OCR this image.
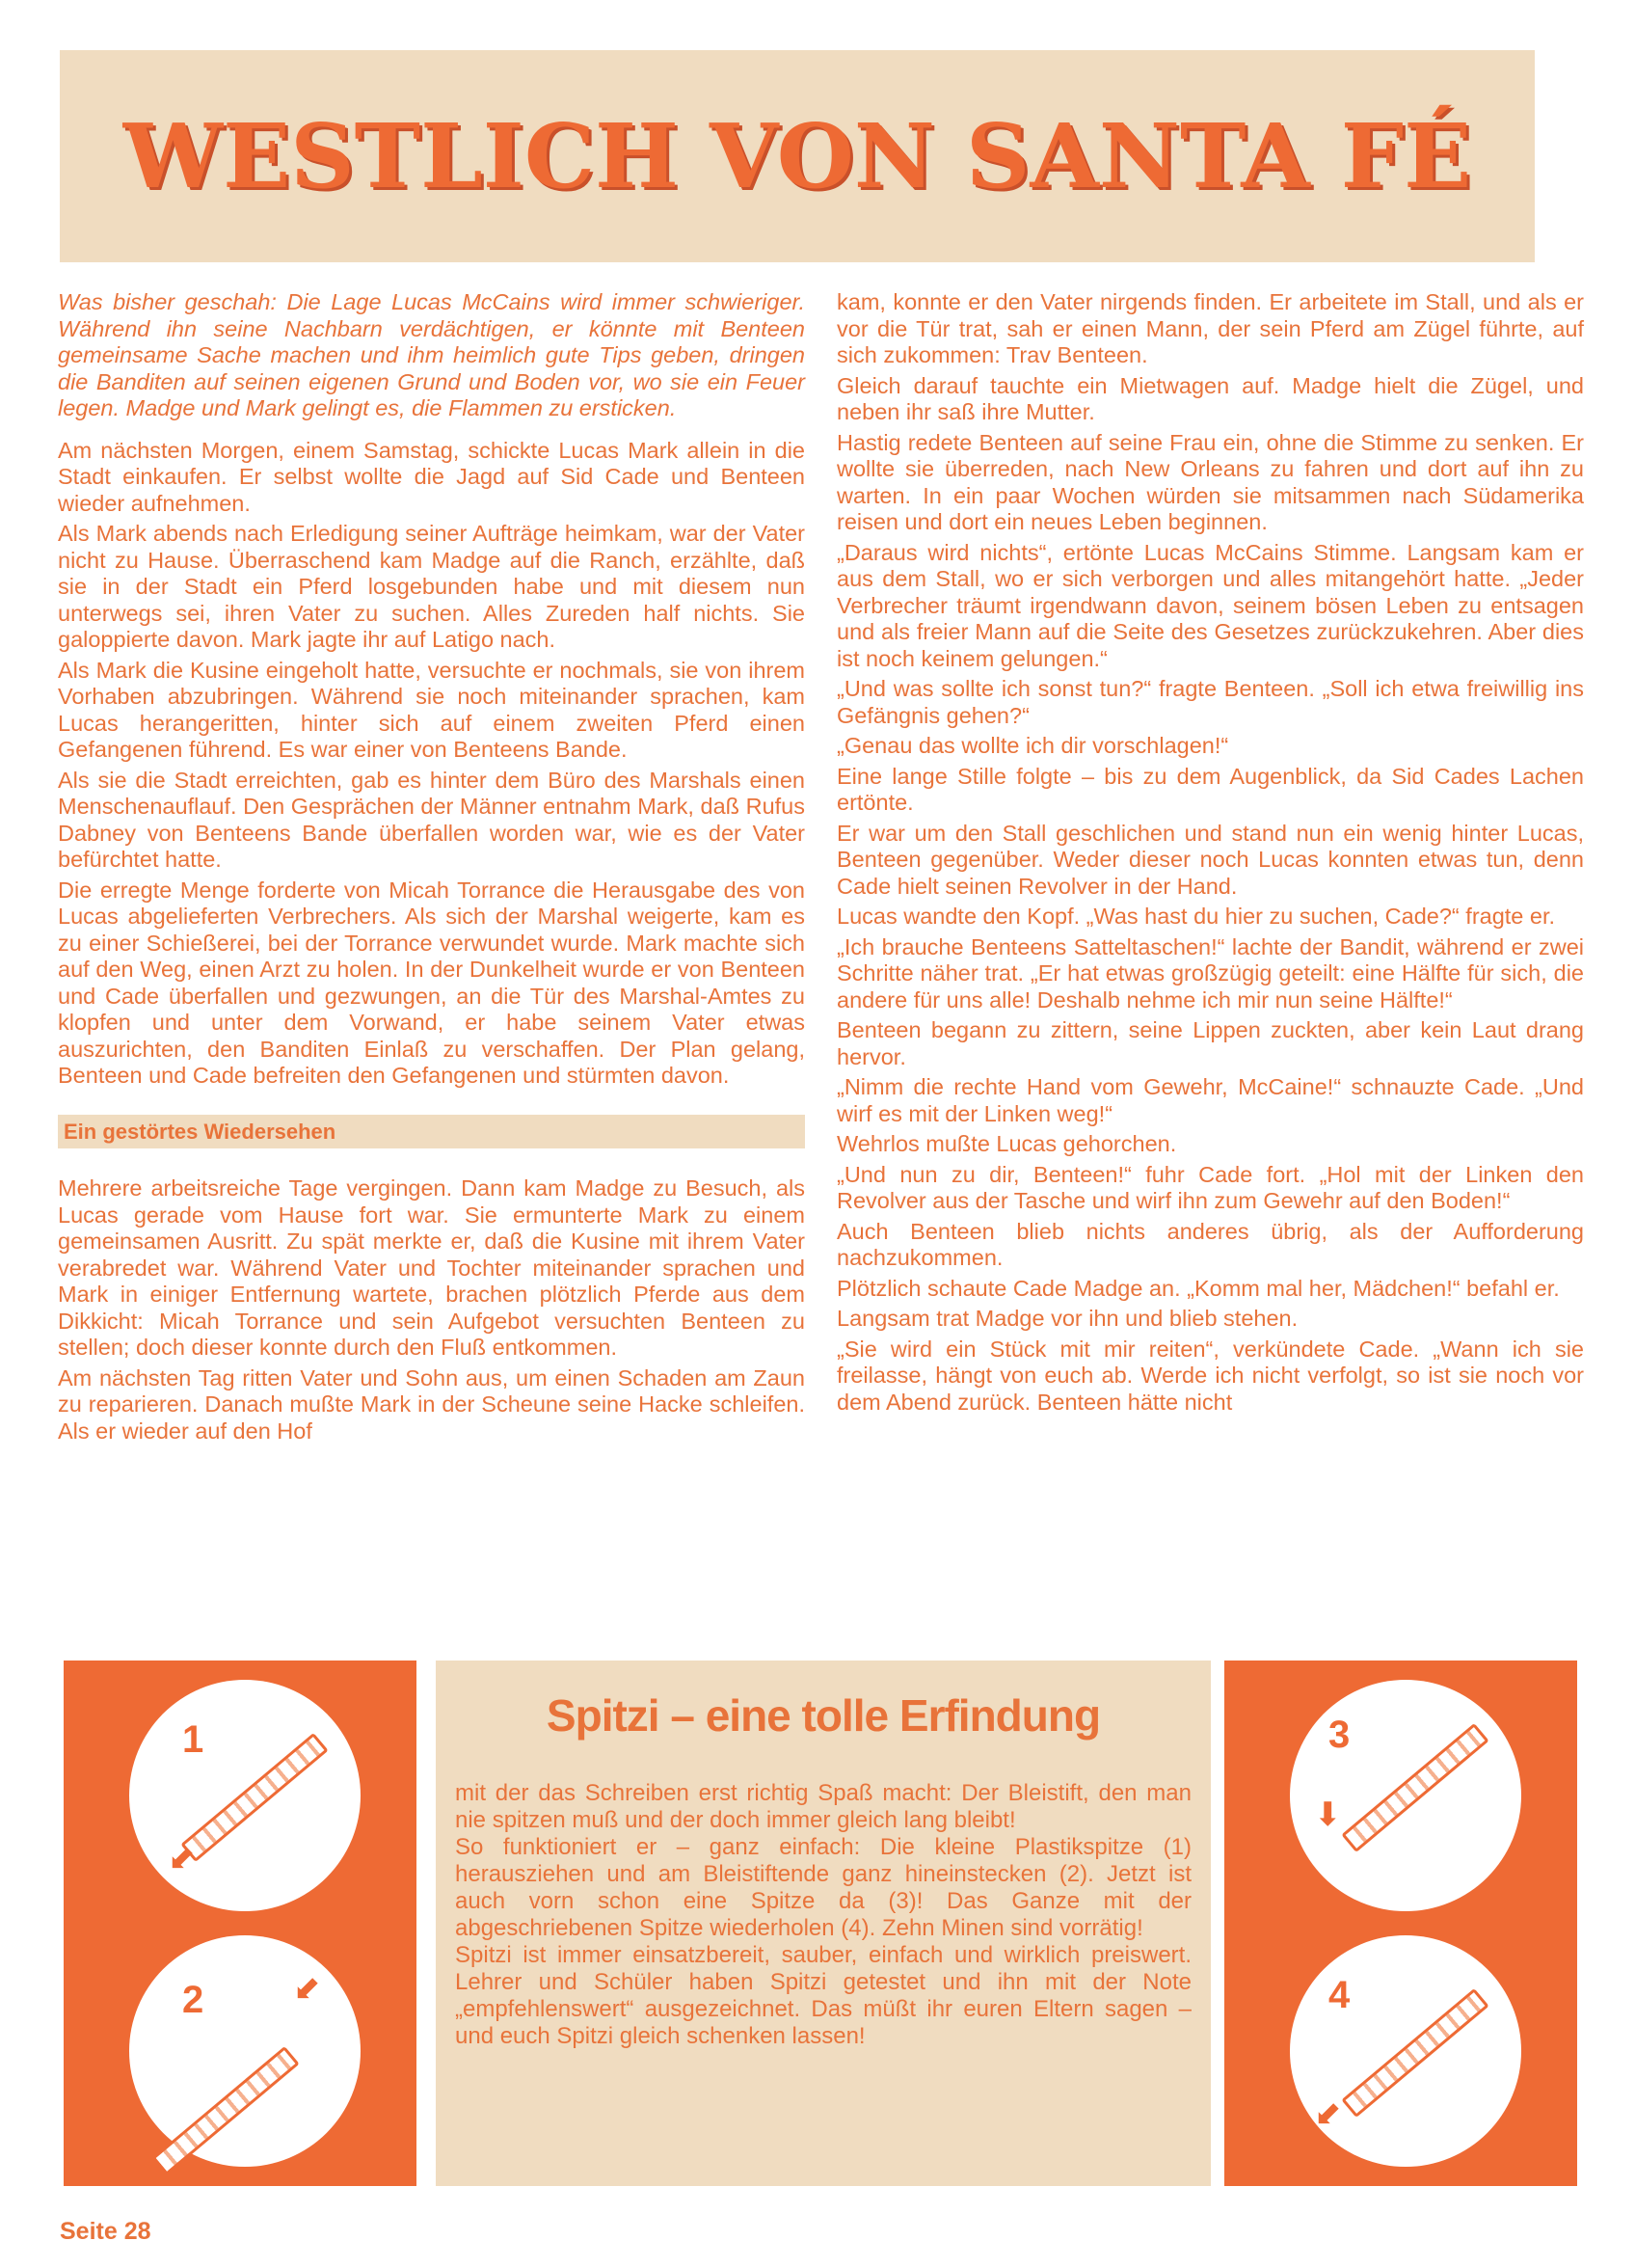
WESTLICH VON SANTA FÉ

Was bisher geschah: Die Lage Lucas McCains wird immer schwieriger. Während ihn seine Nachbarn verdächtigen, er könnte mit Benteen gemeinsame Sache machen und ihm heimlich gute Tips geben, dringen die Banditen auf seinen eigenen Grund und Boden vor, wo sie ein Feuer legen. Madge und Mark gelingt es, die Flammen zu ersticken.

Am nächsten Morgen, einem Samstag, schickte Lucas Mark allein in die Stadt einkaufen. Er selbst wollte die Jagd auf Sid Cade und Benteen wieder aufnehmen.

Als Mark abends nach Erledigung seiner Aufträge heimkam, war der Vater nicht zu Hause. Überraschend kam Madge auf die Ranch, erzählte, daß sie in der Stadt ein Pferd losgebunden habe und mit diesem nun unterwegs sei, ihren Vater zu suchen. Alles Zureden half nichts. Sie galoppierte davon. Mark jagte ihr auf Latigo nach.

Als Mark die Kusine eingeholt hatte, versuchte er nochmals, sie von ihrem Vorhaben abzubringen. Während sie noch miteinander sprachen, kam Lucas herangeritten, hinter sich auf einem zweiten Pferd einen Gefangenen führend. Es war einer von Benteens Bande.

Als sie die Stadt erreichten, gab es hinter dem Büro des Marshals einen Menschenauflauf. Den Gesprächen der Männer entnahm Mark, daß Rufus Dabney von Benteens Bande überfallen worden war, wie es der Vater befürchtet hatte.

Die erregte Menge forderte von Micah Torrance die Herausgabe des von Lucas abgelieferten Verbrechers. Als sich der Marshal weigerte, kam es zu einer Schießerei, bei der Torrance verwundet wurde. Mark machte sich auf den Weg, einen Arzt zu holen. In der Dunkelheit wurde er von Benteen und Cade überfallen und gezwungen, an die Tür des Marshal-Amtes zu klopfen und unter dem Vorwand, er habe seinem Vater etwas auszurichten, den Banditen Einlaß zu verschaffen. Der Plan gelang, Benteen und Cade befreiten den Gefangenen und stürmten davon.

Ein gestörtes Wiedersehen

Mehrere arbeitsreiche Tage vergingen. Dann kam Madge zu Besuch, als Lucas gerade vom Hause fort war. Sie ermunterte Mark zu einem gemeinsamen Ausritt. Zu spät merkte er, daß die Kusine mit ihrem Vater verabredet war. Während Vater und Tochter miteinander sprachen und Mark in einiger Entfernung wartete, brachen plötzlich Pferde aus dem Dikkicht: Micah Torrance und sein Aufgebot versuchten Benteen zu stellen; doch dieser konnte durch den Fluß entkommen.

Am nächsten Tag ritten Vater und Sohn aus, um einen Schaden am Zaun zu reparieren. Danach mußte Mark in der Scheune seine Hacke schleifen. Als er wieder auf den Hof

kam, konnte er den Vater nirgends finden. Er arbeitete im Stall, und als er vor die Tür trat, sah er einen Mann, der sein Pferd am Zügel führte, auf sich zukommen: Trav Benteen.

Gleich darauf tauchte ein Mietwagen auf. Madge hielt die Zügel, und neben ihr saß ihre Mutter.

Hastig redete Benteen auf seine Frau ein, ohne die Stimme zu senken. Er wollte sie überreden, nach New Orleans zu fahren und dort auf ihn zu warten. In ein paar Wochen würden sie mitsammen nach Südamerika reisen und dort ein neues Leben beginnen.

„Daraus wird nichts“, ertönte Lucas McCains Stimme. Langsam kam er aus dem Stall, wo er sich verborgen und alles mitangehört hatte. „Jeder Verbrecher träumt irgendwann davon, seinem bösen Leben zu entsagen und als freier Mann auf die Seite des Gesetzes zurückzukehren. Aber dies ist noch keinem gelungen.“

„Und was sollte ich sonst tun?“ fragte Benteen. „Soll ich etwa freiwillig ins Gefängnis gehen?“

„Genau das wollte ich dir vorschlagen!“

Eine lange Stille folgte – bis zu dem Augenblick, da Sid Cades Lachen ertönte.

Er war um den Stall geschlichen und stand nun ein wenig hinter Lucas, Benteen gegenüber. Weder dieser noch Lucas konnten etwas tun, denn Cade hielt seinen Revolver in der Hand.

Lucas wandte den Kopf. „Was hast du hier zu suchen, Cade?“ fragte er.

„Ich brauche Benteens Satteltaschen!“ lachte der Bandit, während er zwei Schritte näher trat. „Er hat etwas großzügig geteilt: eine Hälfte für sich, die andere für uns alle! Deshalb nehme ich mir nun seine Hälfte!“

Benteen begann zu zittern, seine Lippen zuckten, aber kein Laut drang hervor.

„Nimm die rechte Hand vom Gewehr, McCaine!“ schnauzte Cade. „Und wirf es mit der Linken weg!“

Wehrlos mußte Lucas gehorchen.

„Und nun zu dir, Benteen!“ fuhr Cade fort. „Hol mit der Linken den Revolver aus der Tasche und wirf ihn zum Gewehr auf den Boden!“

Auch Benteen blieb nichts anderes übrig, als der Aufforderung nachzukommen.

Plötzlich schaute Cade Madge an. „Komm mal her, Mädchen!“ befahl er.

Langsam trat Madge vor ihn und blieb stehen.

„Sie wird ein Stück mit mir reiten“, verkündete Cade. „Wann ich sie freilasse, hängt von euch ab. Werde ich nicht verfolgt, so ist sie noch vor dem Abend zurück. Benteen hätte nicht

1
⬋
2	⬋
Spitzi – eine tolle Erfindung

mit der das Schreiben erst richtig Spaß macht: Der Bleistift, den man nie spitzen muß und der doch immer gleich lang bleibt!

So funktioniert er – ganz einfach: Die kleine Plastikspitze (1) herausziehen und am Bleistiftende ganz hineinstecken (2). Jetzt ist auch vorn schon eine Spitze da (3)! Das Ganze mit der abgeschriebenen Spitze wiederholen (4). Zehn Minen sind vorrätig!

Spitzi ist immer einsatzbereit, sauber, einfach und wirklich preiswert. Lehrer und Schüler haben Spitzi getestet und ihn mit der Note „empfehlenswert“ ausgezeichnet. Das müßt ihr euren Eltern sagen – und euch Spitzi gleich schenken lassen!

3
⬇
4
⬋
Seite 28
